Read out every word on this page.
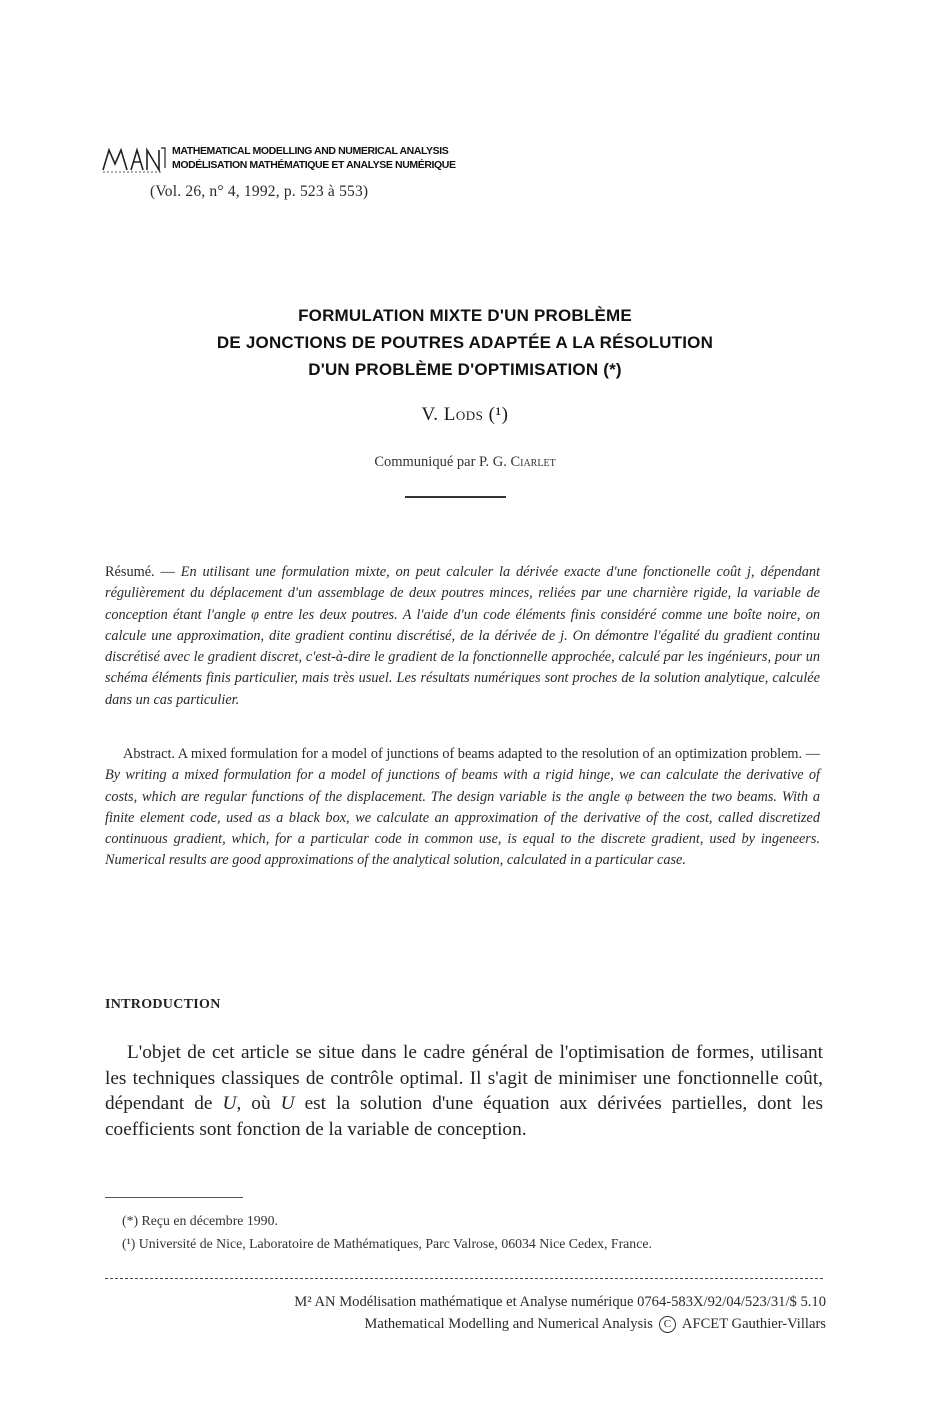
MATHEMATICAL MODELLING AND NUMERICAL ANALYSIS
MODÉLISATION MATHÉMATIQUE ET ANALYSE NUMÉRIQUE
(Vol. 26, n° 4, 1992, p. 523 à 553)
FORMULATION MIXTE D'UN PROBLÈME
DE JONCTIONS DE POUTRES ADAPTÉE A LA RÉSOLUTION
D'UN PROBLÈME D'OPTIMISATION (*)
V. Lods (¹)
Communiqué par P. G. Ciarlet
Résumé. — En utilisant une formulation mixte, on peut calculer la dérivée exacte d'une fonctionelle coût j, dépendant régulièrement du déplacement d'un assemblage de deux poutres minces, reliées par une charnière rigide, la variable de conception étant l'angle φ entre les deux poutres. A l'aide d'un code éléments finis considéré comme une boîte noire, on calcule une approximation, dite gradient continu discrétisé, de la dérivée de j. On démontre l'égalité du gradient continu discrétisé avec le gradient discret, c'est-à-dire le gradient de la fonctionnelle approchée, calculé par les ingénieurs, pour un schéma éléments finis particulier, mais très usuel. Les résultats numériques sont proches de la solution analytique, calculée dans un cas particulier.
Abstract. A mixed formulation for a model of junctions of beams adapted to the resolution of an optimization problem. — By writing a mixed formulation for a model of junctions of beams with a rigid hinge, we can calculate the derivative of costs, which are regular functions of the displacement. The design variable is the angle φ between the two beams. With a finite element code, used as a black box, we calculate an approximation of the derivative of the cost, called discretized continuous gradient, which, for a particular code in common use, is equal to the discrete gradient, used by ingeneers. Numerical results are good approximations of the analytical solution, calculated in a particular case.
INTRODUCTION
L'objet de cet article se situe dans le cadre général de l'optimisation de formes, utilisant les techniques classiques de contrôle optimal. Il s'agit de minimiser une fonctionnelle coût, dépendant de U, où U est la solution d'une équation aux dérivées partielles, dont les coefficients sont fonction de la variable de conception.
(*) Reçu en décembre 1990.
(¹) Université de Nice, Laboratoire de Mathématiques, Parc Valrose, 06034 Nice Cedex, France.
M² AN Modélisation mathématique et Analyse numérique 0764-583X/92/04/523/31/$ 5.10
Mathematical Modelling and Numerical Analysis C AFCET Gauthier-Villars
